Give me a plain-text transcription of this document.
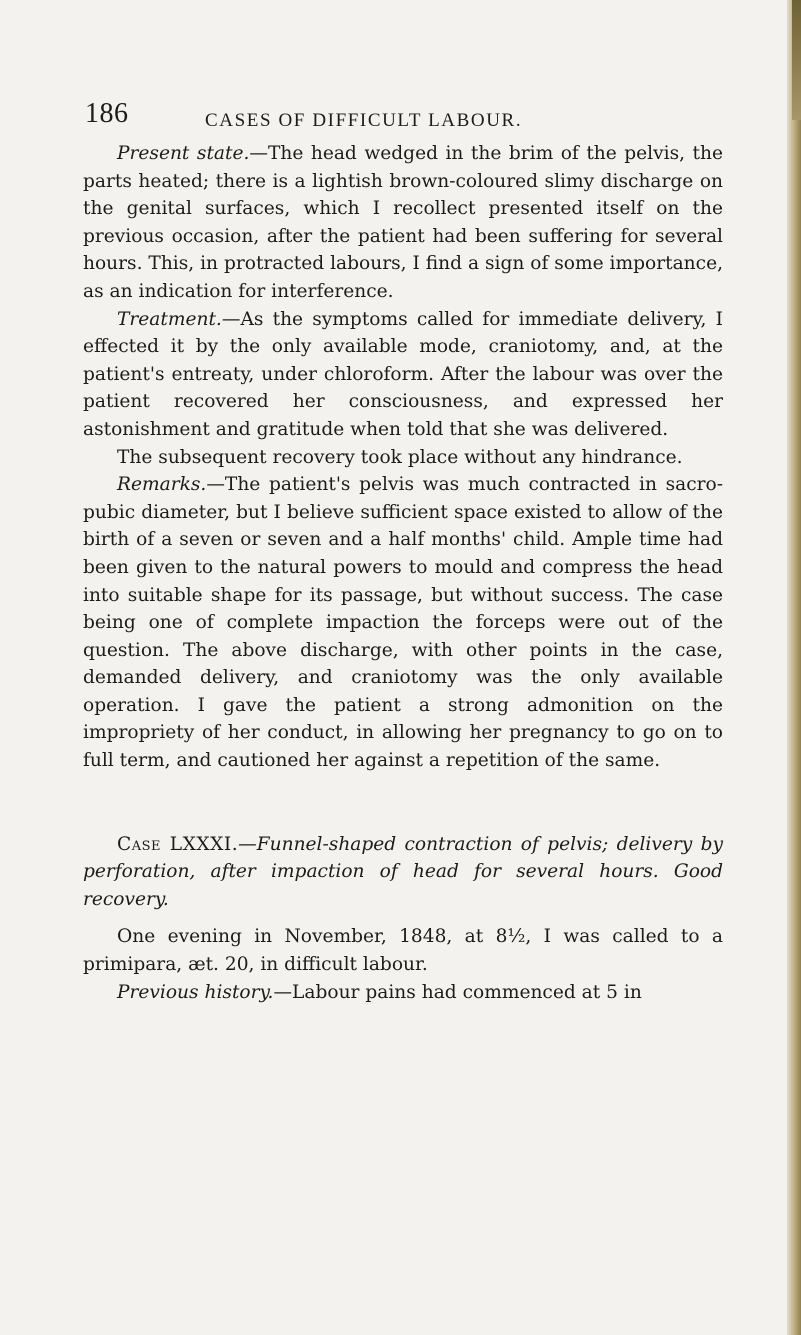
186	CASES OF DIFFICULT LABOUR.

Present state.—The head wedged in the brim of the pelvis, the parts heated; there is a lightish brown-coloured slimy discharge on the genital surfaces, which I recollect presented itself on the previous occasion, after the patient had been suffering for several hours. This, in protracted labours, I find a sign of some importance, as an indication for interference.

Treatment.—As the symptoms called for immediate delivery, I effected it by the only available mode, craniotomy, and, at the patient's entreaty, under chloroform. After the labour was over the patient recovered her consciousness, and expressed her astonishment and gratitude when told that she was delivered.

The subsequent recovery took place without any hindrance.

Remarks.—The patient's pelvis was much contracted in sacro-pubic diameter, but I believe sufficient space existed to allow of the birth of a seven or seven and a half months' child. Ample time had been given to the natural powers to mould and compress the head into suitable shape for its passage, but without success. The case being one of complete impaction the forceps were out of the question. The above discharge, with other points in the case, demanded delivery, and craniotomy was the only available operation. I gave the patient a strong admonition on the impropriety of her conduct, in allowing her pregnancy to go on to full term, and cautioned her against a repetition of the same.

Case LXXXI.—Funnel-shaped contraction of pelvis; delivery by perforation, after impaction of head for several hours. Good recovery.

One evening in November, 1848, at 8½, I was called to a primipara, æt. 20, in difficult labour.

Previous history.—Labour pains had commenced at 5 in
